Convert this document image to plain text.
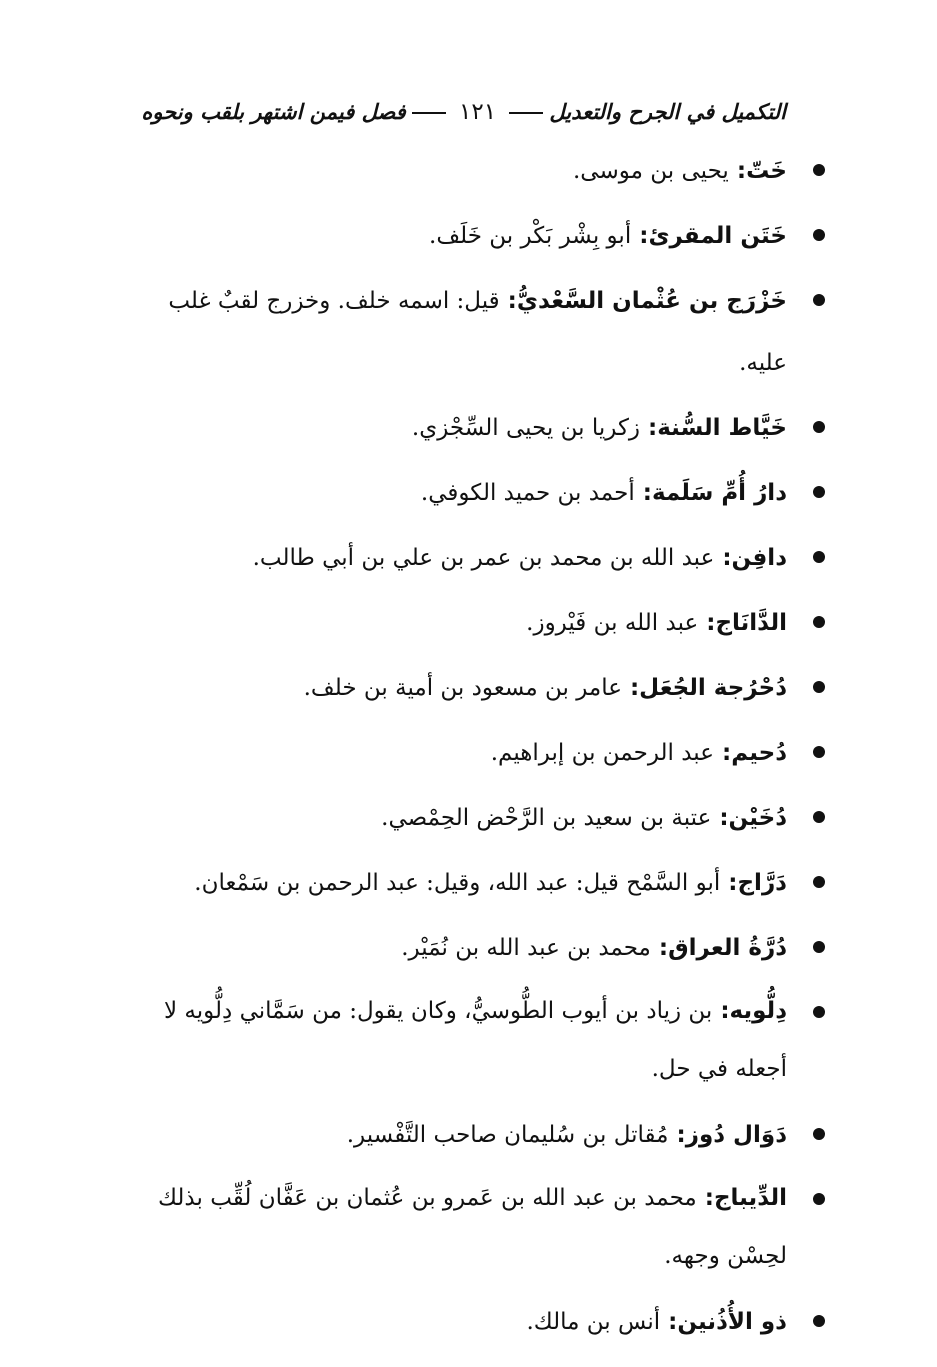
التكميل في الجرح والتعديل
١٢١
فصل فيمن اشتهر بلقب ونحوه
خَتّ: يحيى بن موسى.
خَتَن المقرئ: أبو بِشْر بَكْر بن خَلَف.
خَزْرَج بن عُثْمان السَّعْديُّ: قيل: اسمه خلف. وخزرج لقبٌ غلب عليه.
خَيَّاط السُّنة: زكريا بن يحيى السِّجْزي.
دارُ أُمِّ سَلَمة: أحمد بن حميد الكوفي.
دافِن: عبد الله بن محمد بن عمر بن علي بن أبي طالب.
الدَّانَاج: عبد الله بن فَيْروز.
دُحْرُجة الجُعَل: عامر بن مسعود بن أمية بن خلف.
دُحيم: عبد الرحمن بن إبراهيم.
دُخَيْن: عتبة بن سعيد بن الرَّحْض الحِمْصي.
دَرَّاج: أبو السَّمْح قيل: عبد الله، وقيل: عبد الرحمن بن سَمْعان.
دُرَّةُ العراق: محمد بن عبد الله بن نُمَيْر.
دِلُّويه: بن زياد بن أيوب الطُّوسيُّ، وكان يقول: من سَمَّاني دِلُّويه لا أجعله في حل.
دَوَال دُوز: مُقاتل بن سُليمان صاحب التَّفْسير.
الدِّيباج: محمد بن عبد الله بن عَمرو بن عُثمان بن عَفَّان لُقِّب بذلك لحِسْن وجهه.
ذو الأُذُنين: أنس بن مالك.
